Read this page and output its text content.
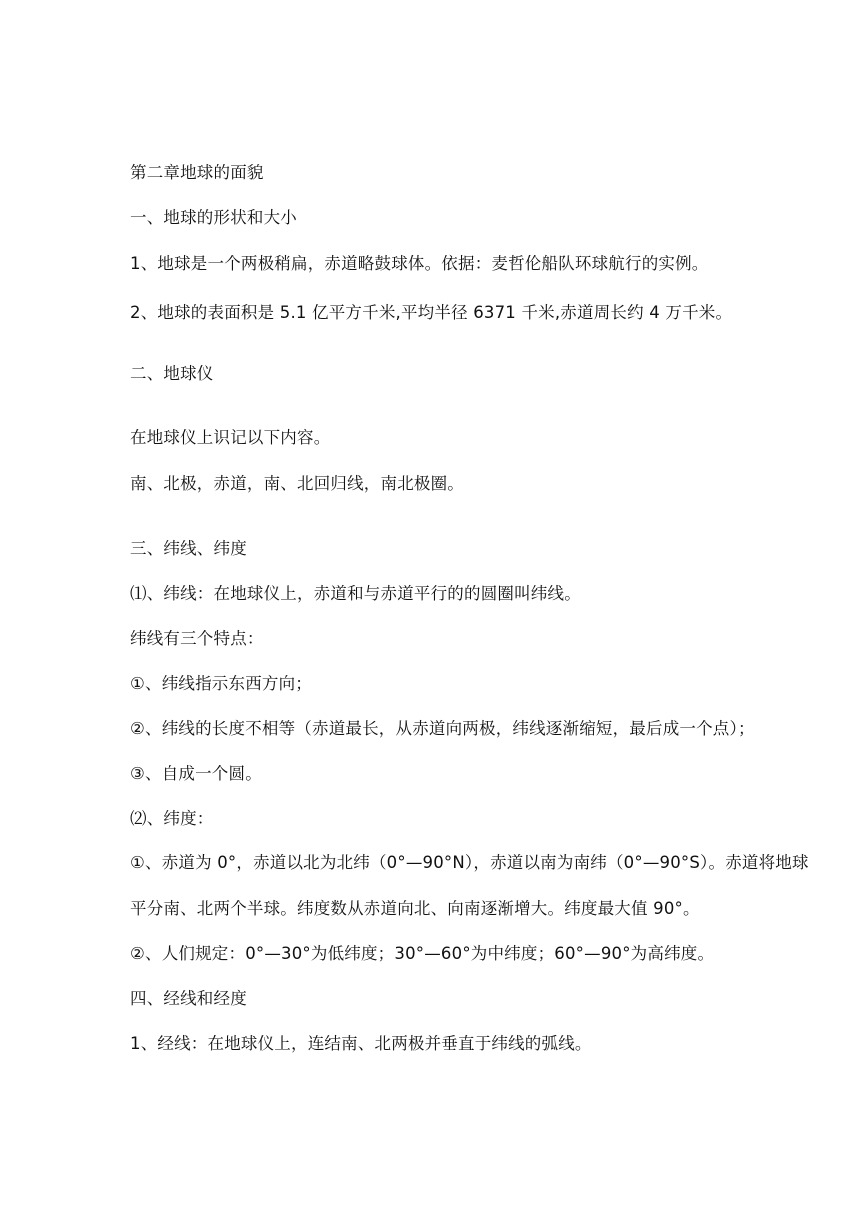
第二章地球的面貌
一、地球的形状和大小
1、地球是一个两极稍扁，赤道略鼓球体。依据：麦哲伦船队环球航行的实例。
2、地球的表面积是 5.1 亿平方千米,平均半径 6371 千米,赤道周长约 4 万千米。
二、地球仪
在地球仪上识记以下内容。
南、北极，赤道，南、北回归线，南北极圈。
三、纬线、纬度
⑴、纬线：在地球仪上，赤道和与赤道平行的的圆圈叫纬线。
纬线有三个特点：
①、纬线指示东西方向；
②、纬线的长度不相等（赤道最长，从赤道向两极，纬线逐渐缩短，最后成一个点）；
③、自成一个圆。
⑵、纬度：
①、赤道为 0°，赤道以北为北纬（0°—90°N），赤道以南为南纬（0°—90°S）。赤道将地球
平分南、北两个半球。纬度数从赤道向北、向南逐渐增大。纬度最大值 90°。
②、人们规定：0°—30°为低纬度；30°—60°为中纬度；60°—90°为高纬度。
四、经线和经度
1、经线：在地球仪上，连结南、北两极并垂直于纬线的弧线。
